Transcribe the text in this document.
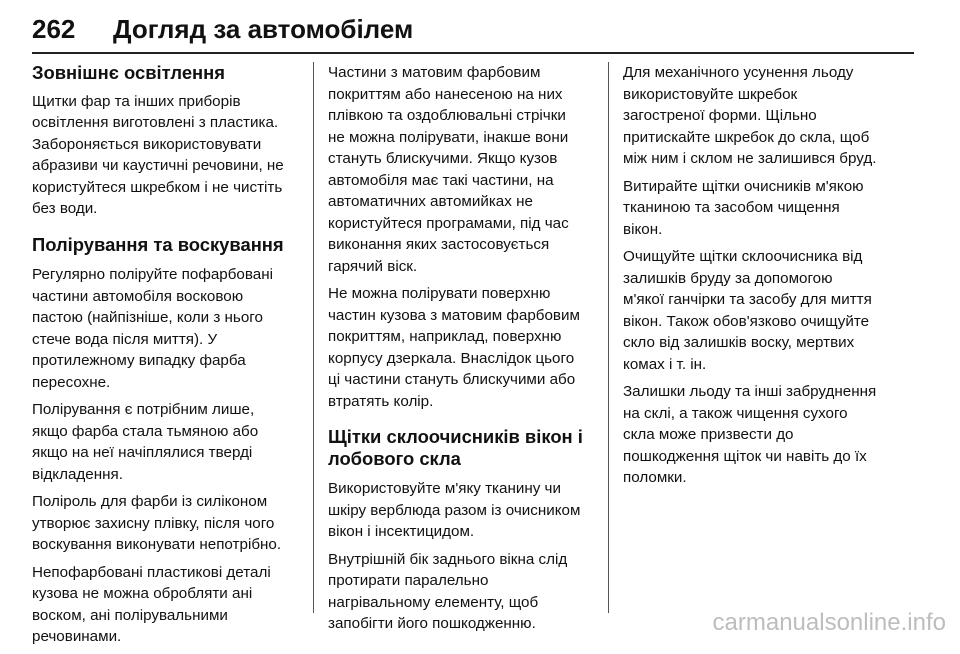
262 Догляд за автомобілем
Зовнішнє освітлення

Щитки фар та інших приборів
освітлення виготовлені з пластика.
Забороняється використовувати
абразиви чи каустичні речовини, не
користуйтеся шкребком і не чистіть
без води.

Полірування та воскування

Регулярно поліруйте пофарбовані
частини автомобіля восковою
пастою (найпізніше, коли з нього
стече вода після миття). У
протилежному випадку фарба
пересохне.

Полірування є потрібним лише,
якщо фарба стала тьмяною або
якщо на неї начіплялися тверді
відкладення.

Поліроль для фарби із силіконом
утворює захисну плівку, після чого
воскування виконувати непотрібно.

Непофарбовані пластикові деталі
кузова не можна обробляти ані
воском, ані полірувальними
речовинами.

Частини з матовим фарбовим
покриттям або нанесеною на них
плівкою та оздоблювальні стрічки
не можна полірувати, інакше вони
стануть блискучими. Якщо кузов
автомобіля має такі частини, на
автоматичних автомийках не
користуйтеся програмами, під час
виконання яких застосовується
гарячий віск.

Не можна полірувати поверхню
частин кузова з матовим фарбовим
покриттям, наприклад, поверхню
корпусу дзеркала. Внаслідок цього
ці частини стануть блискучими або
втратять колір.

Щітки склоочисників вікон і
лобового скла

Використовуйте м'яку тканину чи
шкіру верблюда разом із очисником
вікон і інсектицидом.

Внутрішній бік заднього вікна слід
протирати паралельно
нагрівальному елементу, щоб
запобігти його пошкодженню.

Для механічного усунення льоду
використовуйте шкребок
загостреної форми. Щільно
притискайте шкребок до скла, щоб
між ним і склом не залишився бруд.

Витирайте щітки очисників м'якою
тканиною та засобом чищення
вікон.

Очищуйте щітки склоочисника від
залишків бруду за допомогою
м'якої ганчірки та засобу для миття
вікон. Також обов'язково очищуйте
скло від залишків воску, мертвих
комах і т. ін.

Залишки льоду та інші забруднення
на склі, а також чищення сухого
скла може призвести до
пошкодження щіток чи навіть до їх
поломки.

carmanualsonline.info
